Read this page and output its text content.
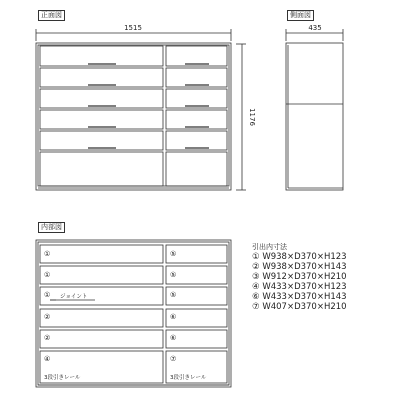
1515
1176
435
①
①
①
②
②
④
⑤
⑤
⑤
⑥
⑥
⑦
ジョイント
3段引きレール	3段引きレール
正面図	側面図
内部図
引出内寸法
① W938×D370×H123
② W938×D370×H143
③ W912×D370×H210
④ W433×D370×H123
⑥ W433×D370×H143
⑦ W407×D370×H210
